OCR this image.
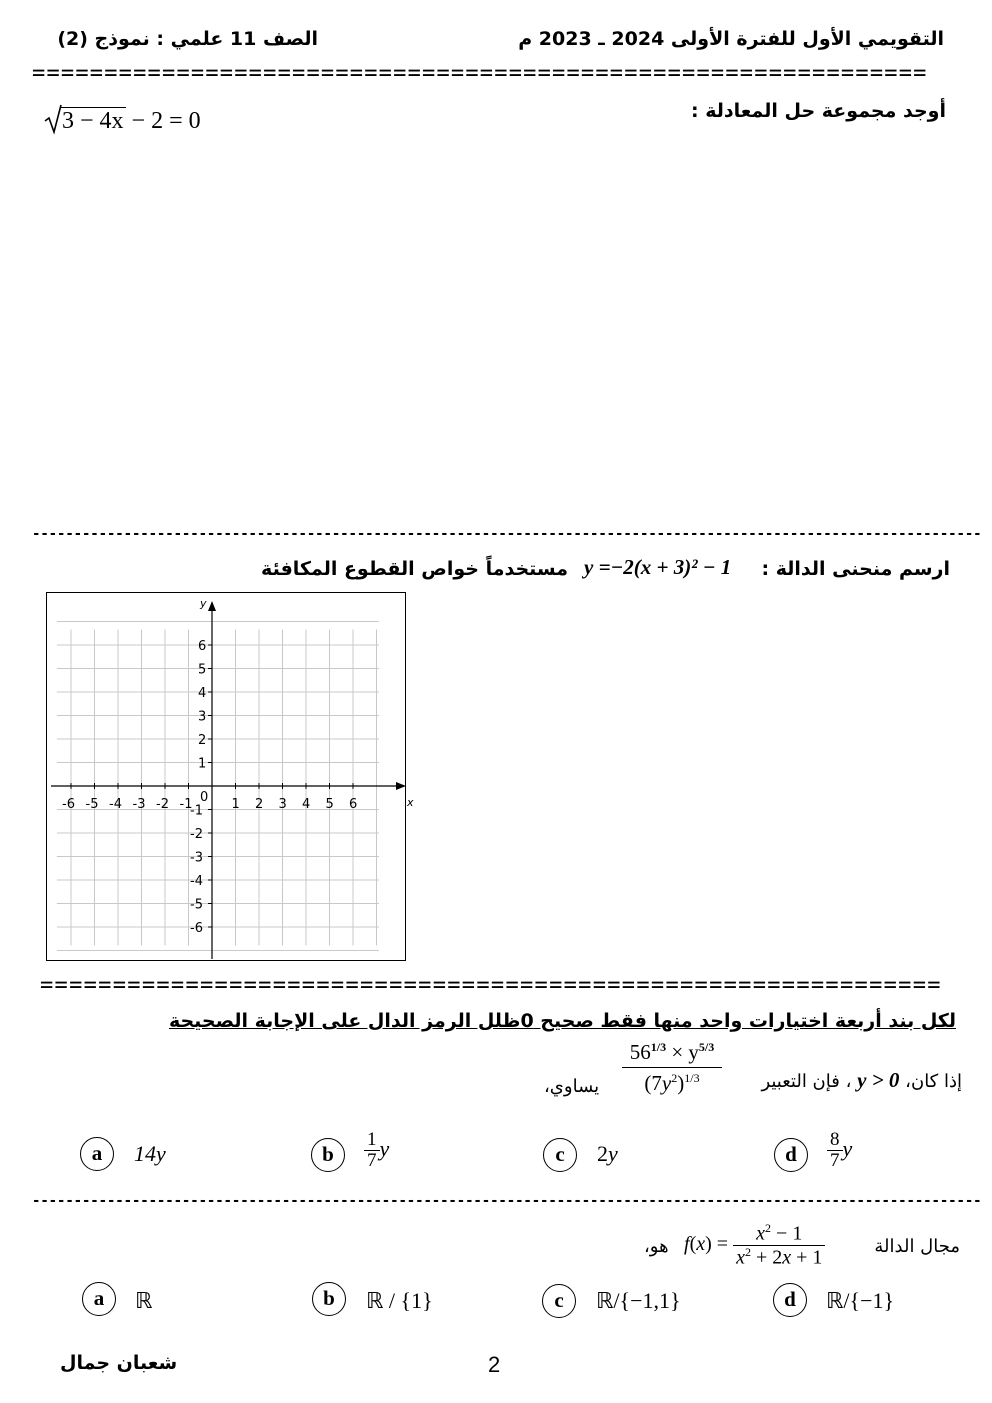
التقويمي الأول للفترة الأولى 2024 ـ 2023 م
الصف 11 علمي : نموذج (2)
==============================================================
أوجد مجموعة حل المعادلة :
3 − 4x − 2 = 0
------------------------------------------------------------------------------------------------------------------
ارسم منحنى الدالة :
y =−2(x + 3)² − 1
مستخدماً خواص القطوع المكافئة
x
y
0
-6 -5 -4 -3 -2 -1	1 2 3 4 5 6
6
5
4
3
2
1
-1
-2
-3
-4
-5
-6
==============================================================
لكل بند أربعة اختيارات واحد منها فقط صحيح 0ظلل الرمز الدال على الإجابة الصحيحة
إذا كان، y > 0 ، فإن التعبير
$56^{1/3} \times y^{5/3}$
$(7y^2)^{1/3}$
يساوي،
a	14y	b	$\frac{1}{7}$ y	c	2y	d	$\frac{8}{7}$ y
------------------------------------------------------------------------------------------------------------------
مجال الدالة
$f(x) = \frac{x^2 - 1}{x^2 + 2x + 1}$
هو،
a	ℝ	b	ℝ / {1}	c	ℝ/{−1,1}	d	ℝ/{−1}
2
شعبان جمال
